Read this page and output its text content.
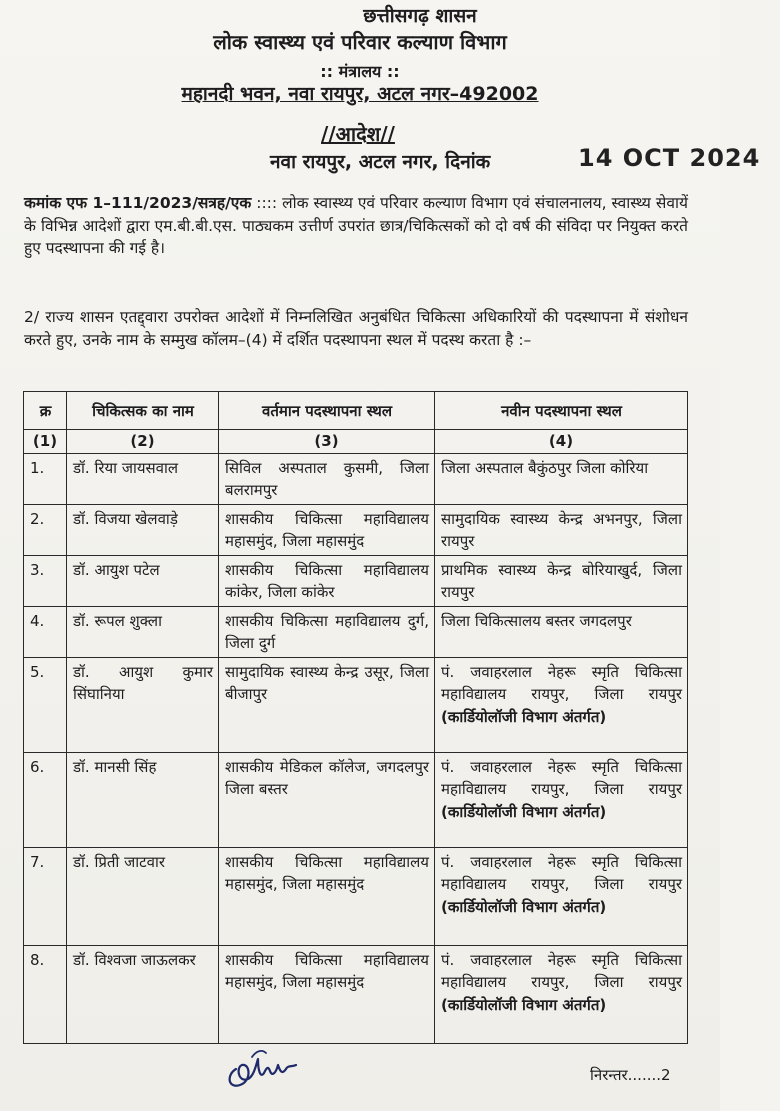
छत्तीसगढ़ शासन
लोक स्वास्थ्य एवं परिवार कल्याण विभाग
:: मंत्रालय ::
महानदी भवन, नवा रायपुर, अटल नगर–492002
//आदेश//
नवा रायपुर, अटल नगर, दिनांक	14 OCT 2024
कमांक एफ 1–111/2023/सत्रह/एक :::: लोक स्वास्थ्य एवं परिवार कल्याण विभाग एवं संचालनालय, स्वास्थ्य सेवायें के विभिन्न आदेशों द्वारा एम.बी.बी.एस. पाठ्यकम उत्तीर्ण उपरांत छात्र/चिकित्सकों को दो वर्ष की संविदा पर नियुक्त करते हुए पदस्थापना की गई है।
2/ राज्य शासन एतद्द्वारा उपरोक्त आदेशों में निम्नलिखित अनुबंधित चिकित्सा अधिकारियों की पदस्थापना में संशोधन करते हुए, उनके नाम के सम्मुख कॉलम–(4) में दर्शित पदस्थापना स्थल में पदस्थ करता है :–
क्र	चिकित्सक का नाम	वर्तमान पदस्थापना स्थल	नवीन पदस्थापना स्थल
(1)	(2)	(3)	(4)
1.	डॉ. रिया जायसवाल	सिविल अस्पताल कुसमी, जिला बलरामपुर	जिला अस्पताल बैकुंठपुर जिला कोरिया
2.	डॉ. विजया खेलवाड़े	शासकीय चिकित्सा महाविद्यालय महासमुंद, जिला महासमुंद	सामुदायिक स्वास्थ्य केन्द्र अभनपुर, जिला रायपुर
3.	डॉ. आयुश पटेल	शासकीय चिकित्सा महाविद्यालय कांकेर, जिला कांकेर	प्राथमिक स्वास्थ्य केन्द्र बोरियाखुर्द, जिला रायपुर
4.	डॉ. रूपल शुक्ला	शासकीय चिकित्सा महाविद्यालय दुर्ग, जिला दुर्ग	जिला चिकित्सालय बस्तर जगदलपुर
5.	डॉ. आयुश कुमार सिंघानिया	सामुदायिक स्वास्थ्य केन्द्र उसूर, जिला बीजापुर	पं. जवाहरलाल नेहरू स्मृति चिकित्सा महाविद्यालय रायपुर, जिला रायपुर (कार्डियोलॉजी विभाग अंतर्गत)
6.	डॉ. मानसी सिंह	शासकीय मेडिकल कॉलेज, जगदलपुर जिला बस्तर	पं. जवाहरलाल नेहरू स्मृति चिकित्सा महाविद्यालय रायपुर, जिला रायपुर (कार्डियोलॉजी विभाग अंतर्गत)
7.	डॉ. प्रिती जाटवार	शासकीय चिकित्सा महाविद्यालय महासमुंद, जिला महासमुंद	पं. जवाहरलाल नेहरू स्मृति चिकित्सा महाविद्यालय रायपुर, जिला रायपुर (कार्डियोलॉजी विभाग अंतर्गत)
8.	डॉ. विश्वजा जाऊलकर	शासकीय चिकित्सा महाविद्यालय महासमुंद, जिला महासमुंद	पं. जवाहरलाल नेहरू स्मृति चिकित्सा महाविद्यालय रायपुर, जिला रायपुर (कार्डियोलॉजी विभाग अंतर्गत)
निरन्तर.......2
